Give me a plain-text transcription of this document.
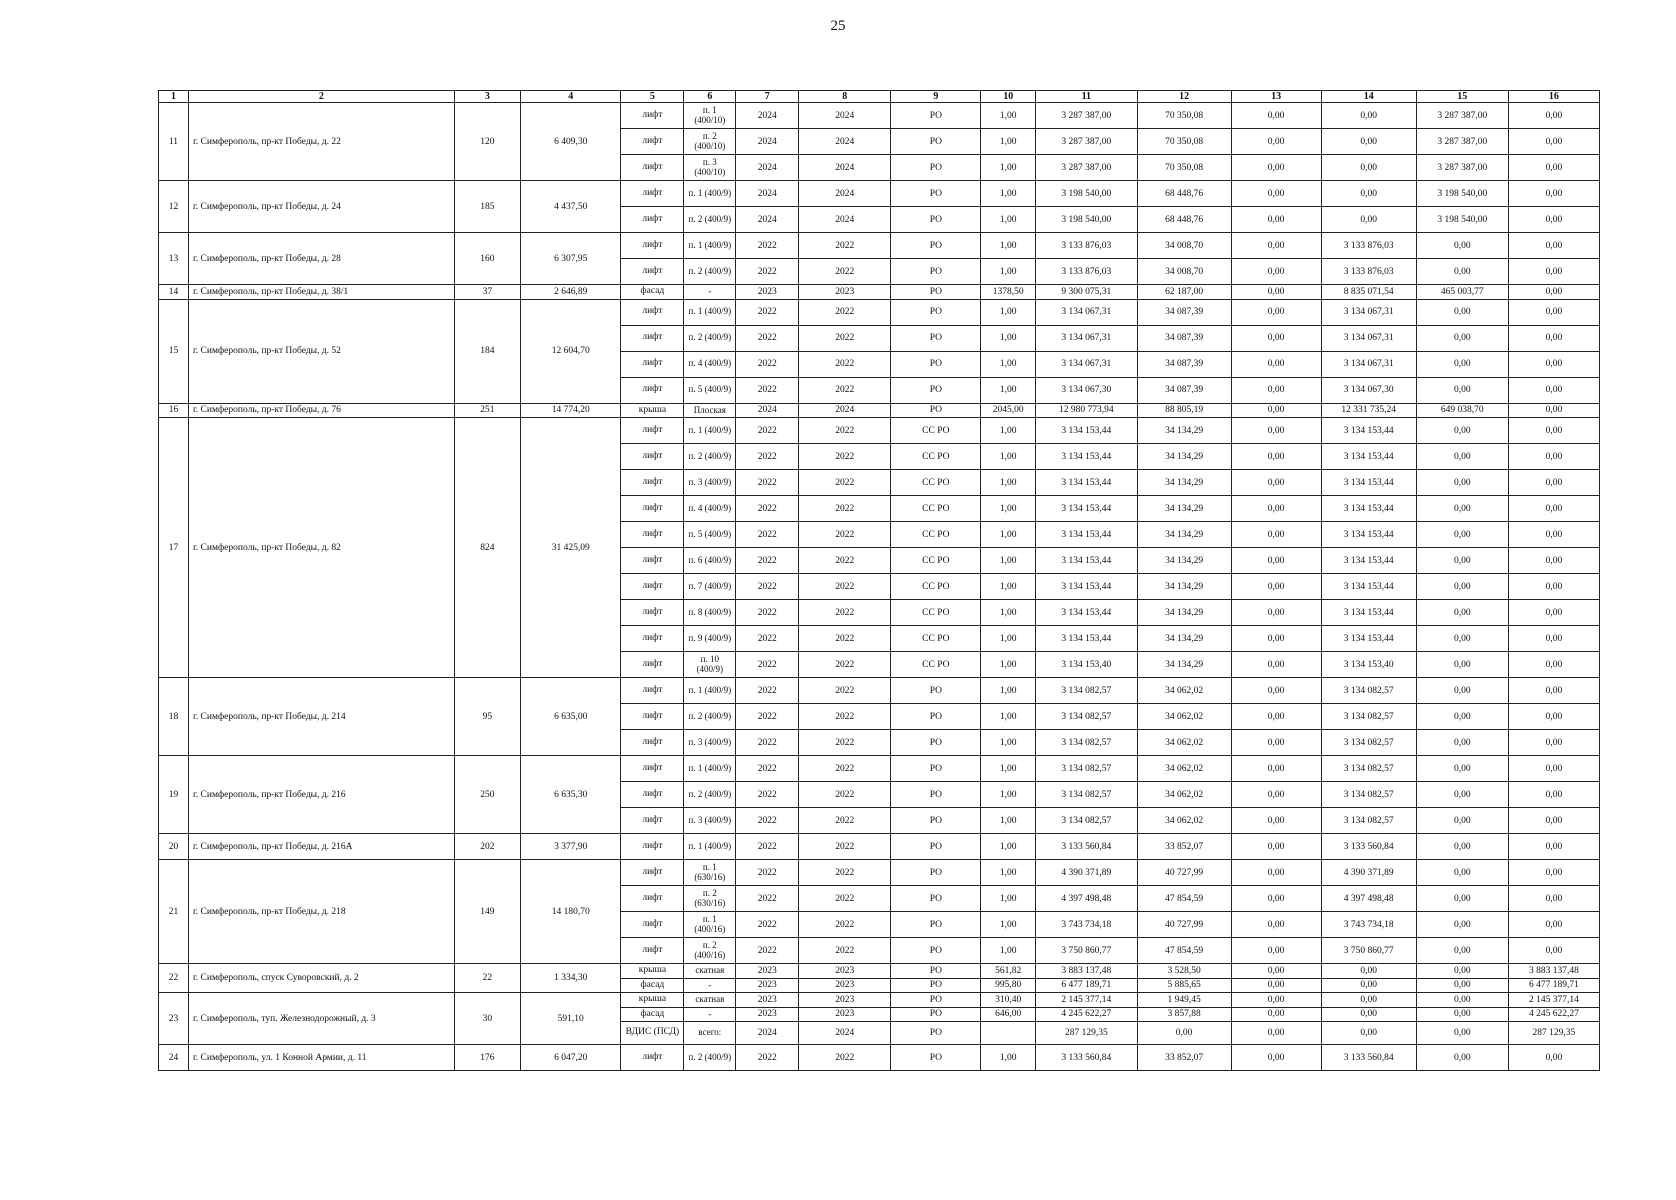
25
1	2	3	4	5	6	7	8	9	10	11	12	13	14	15	16
11	г. Симферополь, пр-кт Победы, д. 22	120	6 409,30	лифт	п. 1 (400/10)	2024	2024	РО	1,00	3 287 387,00	70 350,08	0,00	0,00	3 287 387,00	0,00
				лифт	п. 2 (400/10)	2024	2024	РО	1,00	3 287 387,00	70 350,08	0,00	0,00	3 287 387,00	0,00
				лифт	п. 3 (400/10)	2024	2024	РО	1,00	3 287 387,00	70 350,08	0,00	0,00	3 287 387,00	0,00
12	г. Симферополь, пр-кт Победы, д. 24	185	4 437,50	лифт	п. 1 (400/9)	2024	2024	РО	1,00	3 198 540,00	68 448,76	0,00	0,00	3 198 540,00	0,00
				лифт	п. 2 (400/9)	2024	2024	РО	1,00	3 198 540,00	68 448,76	0,00	0,00	3 198 540,00	0,00
13	г. Симферополь, пр-кт Победы, д. 28	160	6 307,95	лифт	п. 1 (400/9)	2022	2022	РО	1,00	3 133 876,03	34 008,70	0,00	3 133 876,03	0,00	0,00
				лифт	п. 2 (400/9)	2022	2022	РО	1,00	3 133 876,03	34 008,70	0,00	3 133 876,03	0,00	0,00
14	г. Симферополь, пр-кт Победы, д. 38/1	37	2 646,89	фасад	-	2023	2023	РО	1378,50	9 300 075,31	62 187,00	0,00	8 835 071,54	465 003,77	0,00
15	г. Симферополь, пр-кт Победы, д. 52	184	12 604,70	лифт	п. 1 (400/9)	2022	2022	РО	1,00	3 134 067,31	34 087,39	0,00	3 134 067,31	0,00	0,00
				лифт	п. 2 (400/9)	2022	2022	РО	1,00	3 134 067,31	34 087,39	0,00	3 134 067,31	0,00	0,00
				лифт	п. 4 (400/9)	2022	2022	РО	1,00	3 134 067,31	34 087,39	0,00	3 134 067,31	0,00	0,00
				лифт	п. 5 (400/9)	2022	2022	РО	1,00	3 134 067,30	34 087,39	0,00	3 134 067,30	0,00	0,00
16	г. Симферополь, пр-кт Победы, д. 76	251	14 774,20	крыша	Плоская	2024	2024	РО	2045,00	12 980 773,94	88 805,19	0,00	12 331 735,24	649 038,70	0,00
17	г. Симферополь, пр-кт Победы, д. 82	824	31 425,09	лифт	п. 1 (400/9)	2022	2022	СС РО	1,00	3 134 153,44	34 134,29	0,00	3 134 153,44	0,00	0,00
				лифт	п. 2 (400/9)	2022	2022	СС РО	1,00	3 134 153,44	34 134,29	0,00	3 134 153,44	0,00	0,00
				лифт	п. 3 (400/9)	2022	2022	СС РО	1,00	3 134 153,44	34 134,29	0,00	3 134 153,44	0,00	0,00
				лифт	п. 4 (400/9)	2022	2022	СС РО	1,00	3 134 153,44	34 134,29	0,00	3 134 153,44	0,00	0,00
				лифт	п. 5 (400/9)	2022	2022	СС РО	1,00	3 134 153,44	34 134,29	0,00	3 134 153,44	0,00	0,00
				лифт	п. 6 (400/9)	2022	2022	СС РО	1,00	3 134 153,44	34 134,29	0,00	3 134 153,44	0,00	0,00
				лифт	п. 7 (400/9)	2022	2022	СС РО	1,00	3 134 153,44	34 134,29	0,00	3 134 153,44	0,00	0,00
				лифт	п. 8 (400/9)	2022	2022	СС РО	1,00	3 134 153,44	34 134,29	0,00	3 134 153,44	0,00	0,00
				лифт	п. 9 (400/9)	2022	2022	СС РО	1,00	3 134 153,44	34 134,29	0,00	3 134 153,44	0,00	0,00
				лифт	п. 10 (400/9)	2022	2022	СС РО	1,00	3 134 153,40	34 134,29	0,00	3 134 153,40	0,00	0,00
18	г. Симферополь, пр-кт Победы, д. 214	95	6 635,00	лифт	п. 1 (400/9)	2022	2022	РО	1,00	3 134 082,57	34 062,02	0,00	3 134 082,57	0,00	0,00
				лифт	п. 2 (400/9)	2022	2022	РО	1,00	3 134 082,57	34 062,02	0,00	3 134 082,57	0,00	0,00
				лифт	п. 3 (400/9)	2022	2022	РО	1,00	3 134 082,57	34 062,02	0,00	3 134 082,57	0,00	0,00
19	г. Симферополь, пр-кт Победы, д. 216	250	6 635,30	лифт	п. 1 (400/9)	2022	2022	РО	1,00	3 134 082,57	34 062,02	0,00	3 134 082,57	0,00	0,00
				лифт	п. 2 (400/9)	2022	2022	РО	1,00	3 134 082,57	34 062,02	0,00	3 134 082,57	0,00	0,00
				лифт	п. 3 (400/9)	2022	2022	РО	1,00	3 134 082,57	34 062,02	0,00	3 134 082,57	0,00	0,00
20	г. Симферополь, пр-кт Победы, д. 216А	202	3 377,90	лифт	п. 1 (400/9)	2022	2022	РО	1,00	3 133 560,84	33 852,07	0,00	3 133 560,84	0,00	0,00
21	г. Симферополь, пр-кт Победы, д. 218	149	14 180,70	лифт	п. 1 (630/16)	2022	2022	РО	1,00	4 390 371,89	40 727,99	0,00	4 390 371,89	0,00	0,00
				лифт	п. 2 (630/16)	2022	2022	РО	1,00	4 397 498,48	47 854,59	0,00	4 397 498,48	0,00	0,00
				лифт	п. 1 (400/16)	2022	2022	РО	1,00	3 743 734,18	40 727,99	0,00	3 743 734,18	0,00	0,00
				лифт	п. 2 (400/16)	2022	2022	РО	1,00	3 750 860,77	47 854,59	0,00	3 750 860,77	0,00	0,00
22	г. Симферополь, спуск Суворовский, д. 2	22	1 334,30	крыша	скатная	2023	2023	РО	561,82	3 883 137,48	3 528,50	0,00	0,00	0,00	3 883 137,48
				фасад	-	2023	2023	РО	995,80	6 477 189,71	5 885,65	0,00	0,00	0,00	6 477 189,71
23	г. Симферополь, туп. Железнодорожный, д. 3	30	591,10	крыша	скатная	2023	2023	РО	310,40	2 145 377,14	1 949,45	0,00	0,00	0,00	2 145 377,14
				фасад	-	2023	2023	РО	646,00	4 245 622,27	3 857,88	0,00	0,00	0,00	4 245 622,27
				ВДИС (ПСД)	всего:	2024	2024	РО		287 129,35	0,00	0,00	0,00	0,00	287 129,35
24	г. Симферополь, ул. 1 Конной Армии, д. 11	176	6 047,20	лифт	п. 2 (400/9)	2022	2022	РО	1,00	3 133 560,84	33 852,07	0,00	3 133 560,84	0,00	0,00
